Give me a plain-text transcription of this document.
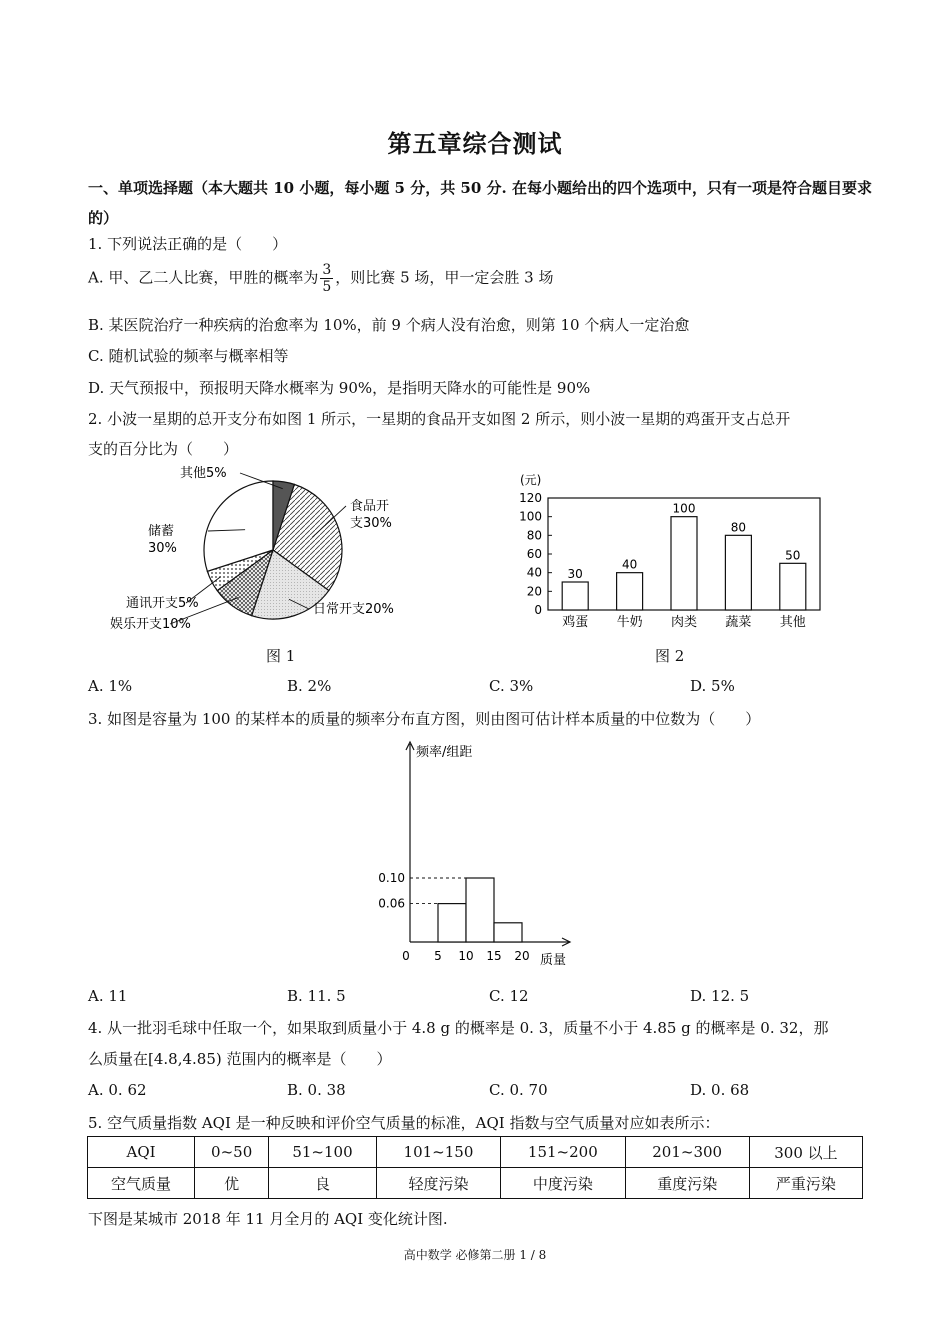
第五章综合测试
一、单项选择题（本大题共 10 小题，每小题 5 分，共 50 分. 在每小题给出的四个选项中，只有一项是符合题目要求的）
1. 下列说法正确的是（　　）
A. 甲、乙二人比赛，甲胜的概率为 $\frac{3}{5}$ ，则比赛 5 场，甲一定会胜 3 场
B. 某医院治疗一种疾病的治愈率为 10%，前 9 个病人没有治愈，则第 10 个病人一定治愈
C. 随机试验的频率与概率相等
D. 天气预报中，预报明天降水概率为 90%，是指明天降水的可能性是 90%
2. 小波一星期的总开支分布如图 1 所示，一星期的食品开支如图 2 所示，则小波一星期的鸡蛋开支占总开
支的百分比为（　　）
食品开支30%
日常开支20%
娱乐开支10%
通讯开支5%
储蓄 30%
其他5%	(元)
0
20
40
60
80
100
120
30
鸡蛋
40
牛奶
100
肉类
80
蔬菜
50
其他
图 1	图 2
A. 1%	B. 2%	C. 3%	D. 5%
3. 如图是容量为 100 的某样本的质量的频率分布直方图，则由图可估计样本质量的中位数为（　　）
频率/组距
质量
0 5 10 15 20
0.06
0.10
A. 11	B. 11. 5	C. 12	D. 12. 5
4. 从一批羽毛球中任取一个，如果取到质量小于 4.8 g 的概率是 0. 3，质量不小于 4.85 g 的概率是 0. 32，那
么质量在[4.8,4.85) 范围内的概率是（　　）
A. 0. 62	B. 0. 38	C. 0. 70	D. 0. 68
5. 空气质量指数 AQI 是一种反映和评价空气质量的标准，AQI 指数与空气质量对应如表所示：
AQI	0~50	51~100	101~150	151~200	201~300	300 以上
空气质量	优	良	轻度污染	中度污染	重度污染	严重污染
下图是某城市 2018 年 11 月全月的 AQI 变化统计图.
高中数学 必修第二册 1 / 8
